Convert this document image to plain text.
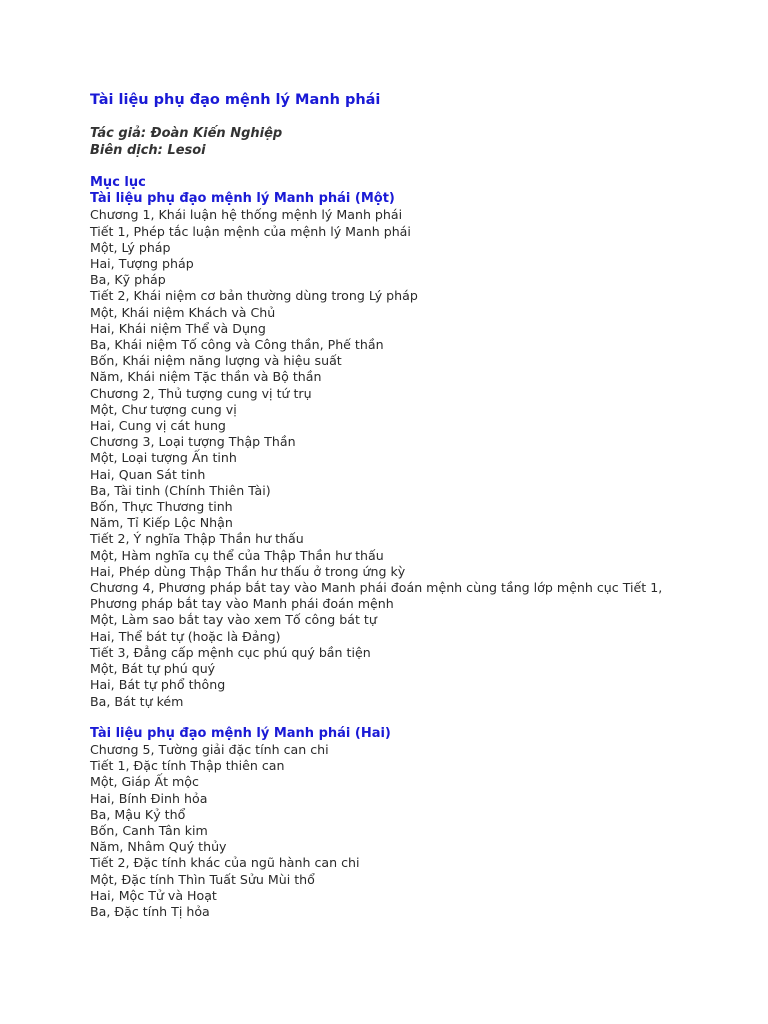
Tài liệu phụ đạo mệnh lý Manh phái
Tác giả: Đoàn Kiến Nghiệp
Biên dịch: Lesoi
Mục lục
Tài liệu phụ đạo mệnh lý Manh phái (Một)
Chương 1, Khái luận hệ thống mệnh lý Manh phái
Tiết 1, Phép tắc luận mệnh của mệnh lý Manh phái
Một, Lý pháp
Hai, Tượng pháp
Ba, Kỹ pháp
Tiết 2, Khái niệm cơ bản thường dùng trong Lý pháp
Một, Khái niệm Khách và Chủ
Hai, Khái niệm Thể và Dụng
Ba, Khái niệm Tố công và Công thần, Phế thần
Bốn, Khái niệm năng lượng và hiệu suất
Năm, Khái niệm Tặc thần và Bộ thần
Chương 2, Thủ tượng cung vị tứ trụ
Một, Chư tượng cung vị
Hai, Cung vị cát hung
Chương 3, Loại tượng Thập Thần
Một, Loại tượng Ấn tinh
Hai, Quan Sát tinh
Ba, Tài tinh (Chính Thiên Tài)
Bốn, Thực Thương tinh
Năm, Tỉ Kiếp Lộc Nhận
Tiết 2, Ý nghĩa Thập Thần hư thấu
Một, Hàm nghĩa cụ thể của Thập Thần hư thấu
Hai, Phép dùng Thập Thần hư thấu ở trong ứng kỳ
Chương 4, Phương pháp bắt tay vào Manh phái đoán mệnh cùng tầng lớp mệnh cục Tiết 1,
Phương pháp bắt tay vào Manh phái đoán mệnh
Một, Làm sao bắt tay vào xem Tố công bát tự
Hai, Thể bát tự (hoặc là Đảng)
Tiết 3, Đẳng cấp mệnh cục phú quý bần tiện
Một, Bát tự phú quý
Hai, Bát tự phổ thông
Ba, Bát tự kém
Tài liệu phụ đạo mệnh lý Manh phái (Hai)
Chương 5, Tường giải đặc tính can chi
Tiết 1, Đặc tính Thập thiên can
Một, Giáp Ất mộc
Hai, Bính Đinh hỏa
Ba, Mậu Kỷ thổ
Bốn, Canh Tân kim
Năm, Nhâm Quý thủy
Tiết 2, Đặc tính khác của ngũ hành can chi
Một, Đặc tính Thìn Tuất Sửu Mùi thổ
Hai, Mộc Tử và Hoạt
Ba, Đặc tính Tị hỏa
